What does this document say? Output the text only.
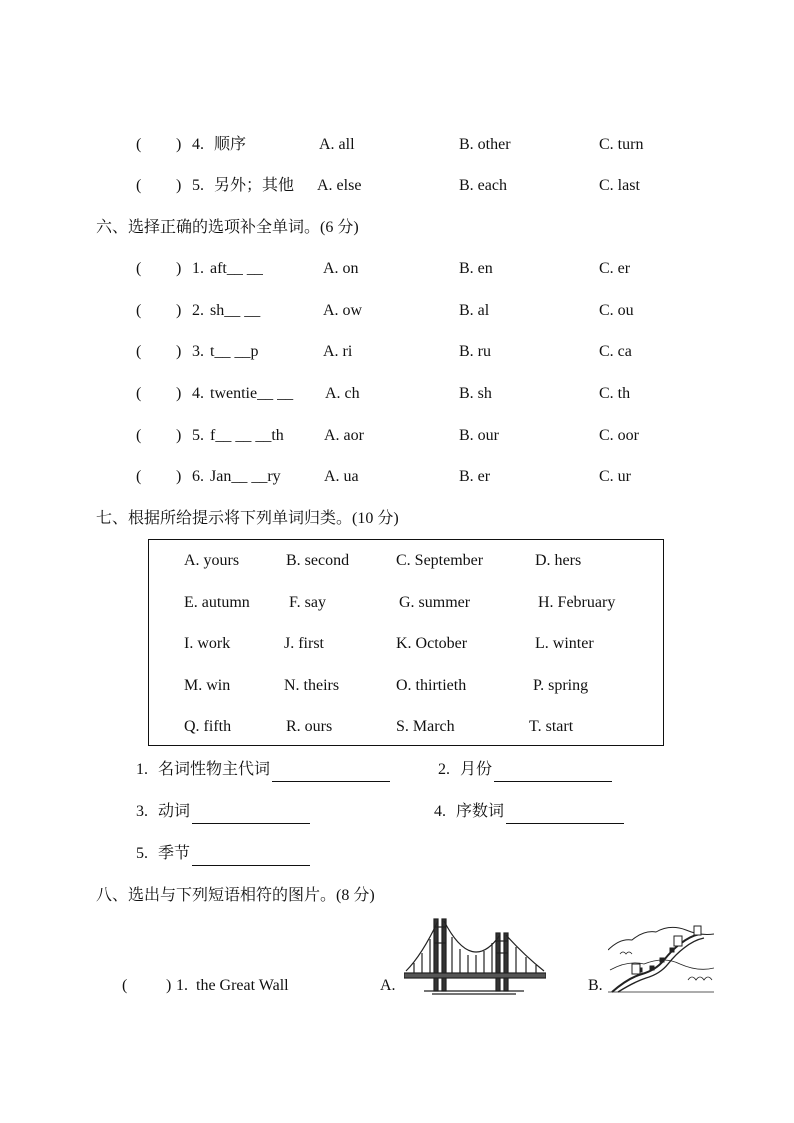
( ) 4. 顺序	A. all	B. other	C. turn
( ) 5. 另外；其他 A. else	B. each	C. last
六、选择正确的选项补全单词。(6 分)
( ) 1. aft__ __	A. on	B. en	C. er
( ) 2. sh__ __	A. ow	B. al	C. ou
( ) 3. t__ __p	A. ri	B. ru	C. ca
( ) 4. twentie__ __ A. ch	B. sh	C. th
( ) 5. f__ __ __th	A. aor	B. our	C. oor
( ) 6. Jan__ __ry	A. ua	B. er	C. ur
七、根据所给提示将下列单词归类。(10 分)
A. yours	B. second	C. September	D. hers
E. autumn F. say	G. summer	H. February
I. work	J. first	K. October	L. winter
M. win	N. theirs	O. thirtieth	P. spring
Q. fifth	R. ours	S. March	T. start
1. 名词性物主代词	2. 月份
3. 动词	4. 序数词
5. 季节
八、选出与下列短语相符的图片。(8 分)
( ) 1. the Great Wall	A.	B.
